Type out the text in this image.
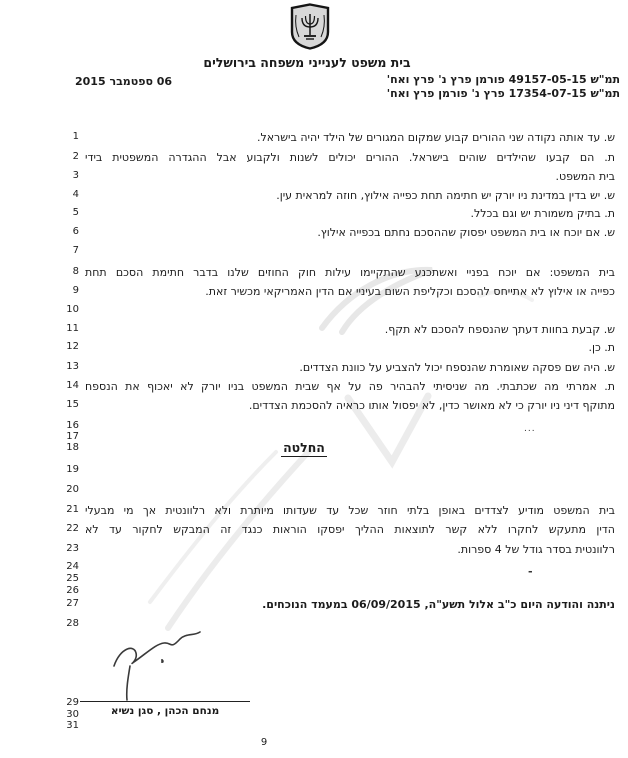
בית משפט לענייני משפחה בירושלים
תמ"ש 49157-05-15 פורמן פרץ נ' פרץ ואח'
תמ"ש 17354-07-15 פרץ נ' פורמן פרץ ואח'
06 ספטמבר 2015
1	ש. עד אותה נקודה שני ההורים קבוע שמקום המגורים של הילד יהיה בישראל.
2 ת. הם קבעו שהילדים שוהים בישראל. ההורים יכולים לשנות ולקבוע אבל ההגדרה המשפטית בידי
3	בית המשפט.
4	ש. יש בדין במדינת ניו יורק יש חתימה תחת כפייה אילוץ, חוזה למראית עין.
5	ת. בתיק משמורת יש וגם בכלל.
6	ש. אם יוכח או בית המשפט יפסוק שההסכם נחתם בכפייה אילוץ.
7
8 בית המשפט: אם יוכח בפניי ואשתכנע שהתקיימו עילות חוק החוזים שלנו בדבר חתימת הסכם תחת
9	כפייה או אילוץ לא אתייחס להסכם וכקליפת השום בעיניי אם הדין האמריקאי מכשיר זאת.
10
11	ש. קבעת בחוות דעתך שהנספח להסכם לא תקף.
12	ת. כן.
13	ש. היה שם פסקה שאומרת שהנספח יכול להצביע על כוונת הצדדים.
14 ת. אמרתי מה שכתבתי. מה שניסיתי להבהיר פה על אף שבית המשפט בניו יורק לא יאכוף את הנספח
15	מתוקף דיני ניו יורק כי לא מאושר כדין, לא יפסול אותו כראיה להסכמת הצדדים.
16
17
18
19
20
21 בית המשפט מודיע לצדדים באופן בלתי חוזר שכל עד שעדותו מיותרת ולא רלוונטית אך מי מבעלי
22 הדין מתעקש לחקרו ללא קשר לתוצאות ההליך יפסקו הוראות כנגד זה המבקש לחקור עד לא
23	רלוונטית בסדר גודל של 4 ספרות.
24
25
26
27	ניתנה והודעה היום כ"ב אלול תשע"ה, 06/09/2015 במעמד הנוכחים.
28
29
30
31
החלטה
...
-
מנחם הכהן , סגן נשיא
9
